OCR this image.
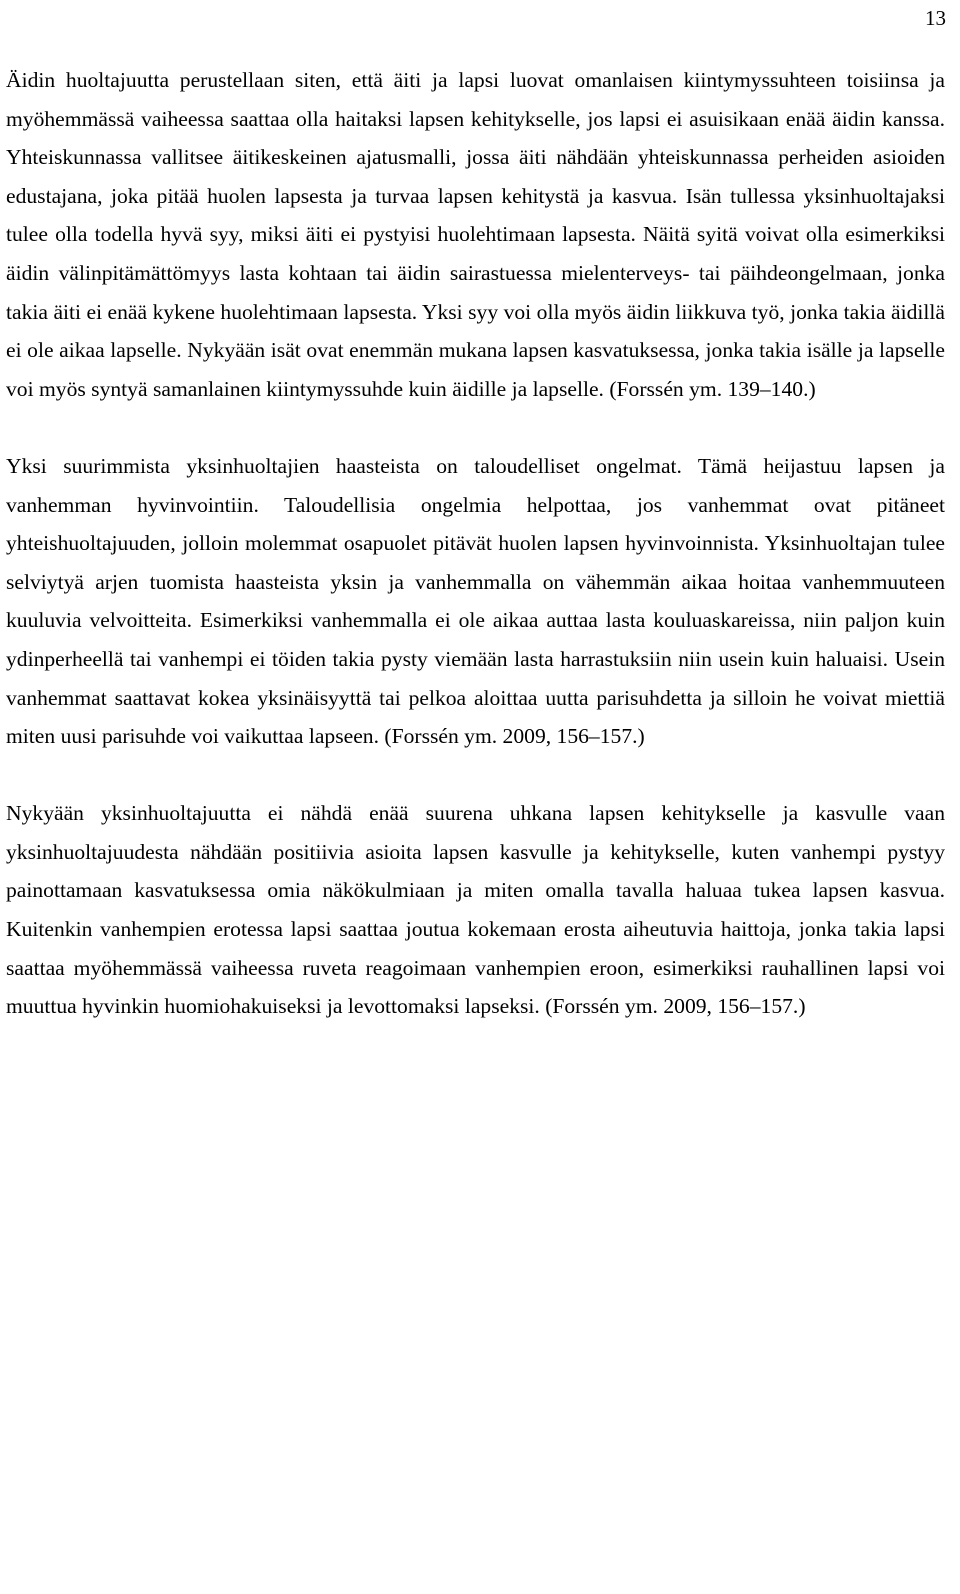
13

Äidin huoltajuutta perustellaan siten, että äiti ja lapsi luovat omanlaisen kiintymyssuhteen toisiinsa ja myöhemmässä vaiheessa saattaa olla haitaksi lapsen kehitykselle, jos lapsi ei asuisikaan enää äidin kanssa. Yhteiskunnassa vallitsee äitikeskeinen ajatusmalli, jossa äiti nähdään yhteiskunnassa perheiden asioiden edustajana, joka pitää huolen lapsesta ja turvaa lapsen kehitystä ja kasvua. Isän tullessa yksinhuoltajaksi tulee olla todella hyvä syy, miksi äiti ei pystyisi huolehtimaan lapsesta. Näitä syitä voivat olla esimerkiksi äidin välinpitämättömyys lasta kohtaan tai äidin sairastuessa mielenterveys- tai päihdeongelmaan, jonka takia äiti ei enää kykene huolehtimaan lapsesta. Yksi syy voi olla myös äidin liikkuva työ, jonka takia äidillä ei ole aikaa lapselle. Nykyään isät ovat enemmän mukana lapsen kasvatuksessa, jonka takia isälle ja lapselle voi myös syntyä samanlainen kiintymyssuhde kuin äidille ja lapselle. (Forssén ym. 139–140.)

Yksi suurimmista yksinhuoltajien haasteista on taloudelliset ongelmat. Tämä heijastuu lapsen ja vanhemman hyvinvointiin. Taloudellisia ongelmia helpottaa, jos vanhemmat ovat pitäneet yhteishuoltajuuden, jolloin molemmat osapuolet pitävät huolen lapsen hyvinvoinnista. Yksinhuoltajan tulee selviytyä arjen tuomista haasteista yksin ja vanhemmalla on vähemmän aikaa hoitaa vanhemmuuteen kuuluvia velvoitteita. Esimerkiksi vanhemmalla ei ole aikaa auttaa lasta kouluaskareissa, niin paljon kuin ydinperheellä tai vanhempi ei töiden takia pysty viemään lasta harrastuksiin niin usein kuin haluaisi. Usein vanhemmat saattavat kokea yksinäisyyttä tai pelkoa aloittaa uutta parisuhdetta ja silloin he voivat miettiä miten uusi parisuhde voi vaikuttaa lapseen. (Forssén ym. 2009, 156–157.)

Nykyään yksinhuoltajuutta ei nähdä enää suurena uhkana lapsen kehitykselle ja kasvulle vaan yksinhuoltajuudesta nähdään positiivia asioita lapsen kasvulle ja kehitykselle, kuten vanhempi pystyy painottamaan kasvatuksessa omia näkökulmiaan ja miten omalla tavalla haluaa tukea lapsen kasvua. Kuitenkin vanhempien erotessa lapsi saattaa joutua kokemaan erosta aiheutuvia haittoja, jonka takia lapsi saattaa myöhemmässä vaiheessa ruveta reagoimaan vanhempien eroon, esimerkiksi rauhallinen lapsi voi muuttua hyvinkin huomiohakuiseksi ja levottomaksi lapseksi. (Forssén ym. 2009, 156–157.)
